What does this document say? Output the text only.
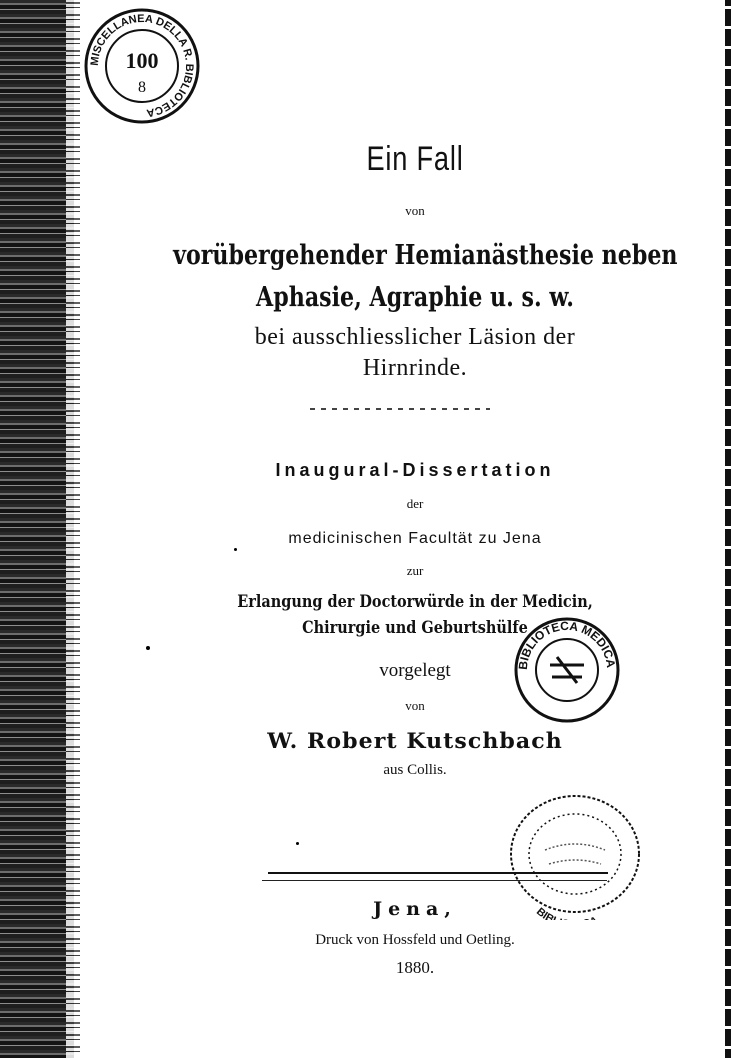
MISCELLANEA DELLA R. BIBLIOTECA
100
8
Ein Fall
von
vorübergehender Hemianästhesie neben
Aphasie, Agraphie u. s. w.
bei ausschliesslicher Läsion der
Hirnrinde.
Inaugural-Dissertation
der
medicinischen Facultät zu Jena
zur
Erlangung der Doctorwürde in der Medicin,
Chirurgie und Geburtshülfe
vorgelegt
von
W. Robert Kutschbach
aus Collis.
BIBLIOTECA MEDICA
BIB
Jena,
Druck von Hossfeld und Oetling.
1880.
